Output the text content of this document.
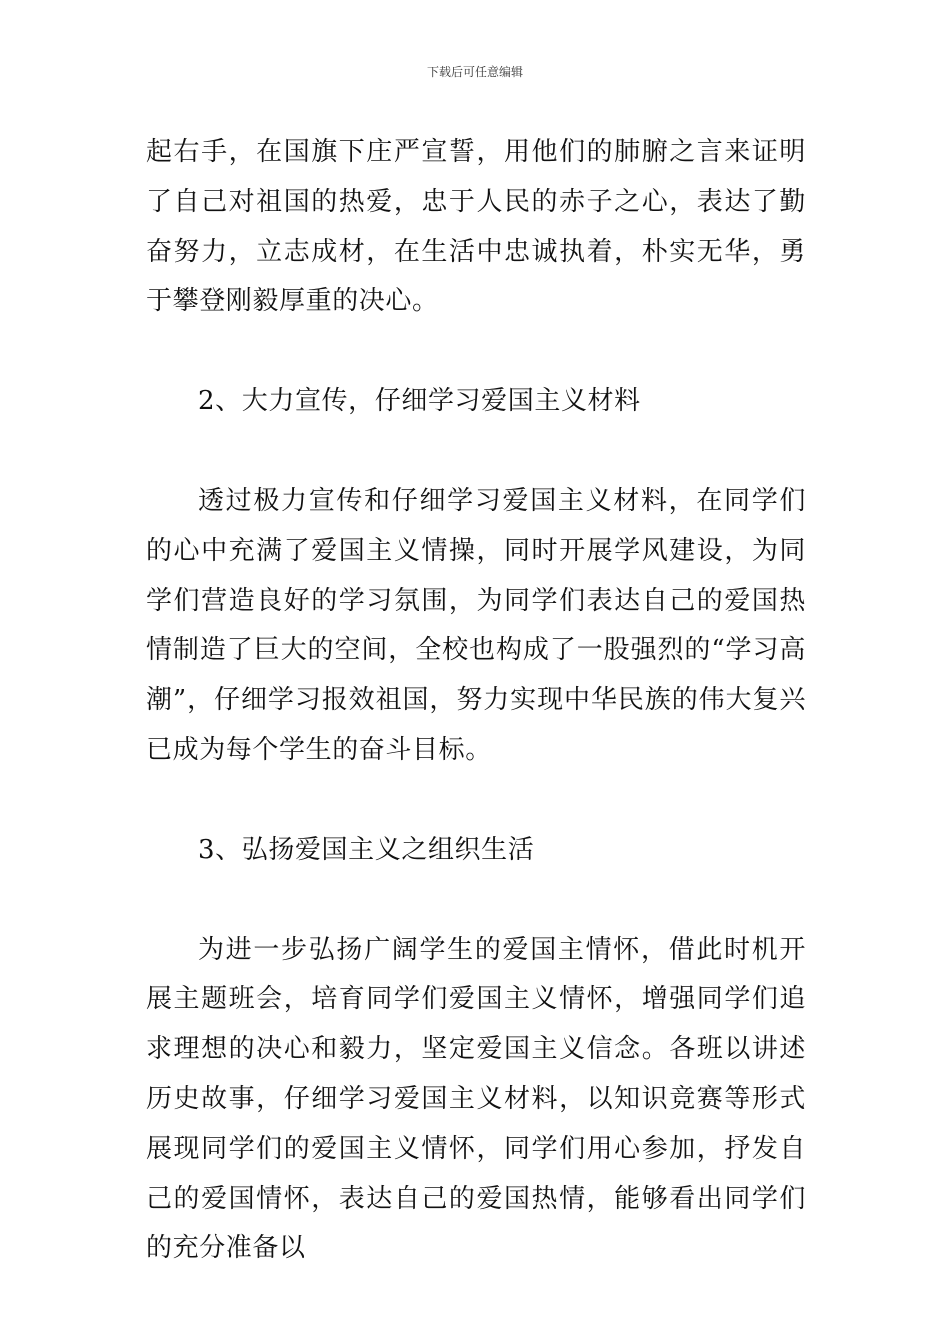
下载后可任意编辑

起右手，在国旗下庄严宣誓，用他们的肺腑之言来证明了自己对祖国的热爱，忠于人民的赤子之心，表达了勤奋努力，立志成材，在生活中忠诚执着，朴实无华，勇于攀登刚毅厚重的决心。

2、大力宣传，仔细学习爱国主义材料

透过极力宣传和仔细学习爱国主义材料，在同学们的心中充满了爱国主义情操，同时开展学风建设，为同学们营造良好的学习氛围，为同学们表达自己的爱国热情制造了巨大的空间，全校也构成了一股强烈的“学习高 潮”，仔细学习报效祖国，努力实现中华民族的伟大复兴已成为每个学生的奋斗目标。

3、弘扬爱国主义之组织生活

为进一步弘扬广阔学生的爱国主情怀，借此时机开展主题班会，培育同学们爱国主义情怀，增强同学们追求理想的决心和毅力，坚定爱国主义信念。各班以讲述历史故事，仔细学习爱国主义材料，以知识竞赛等形式展现同学们的爱国主义情怀，同学们用心参加，抒发自己的爱国情怀，表达自己的爱国热情，能够看出同学们的充分准备以
